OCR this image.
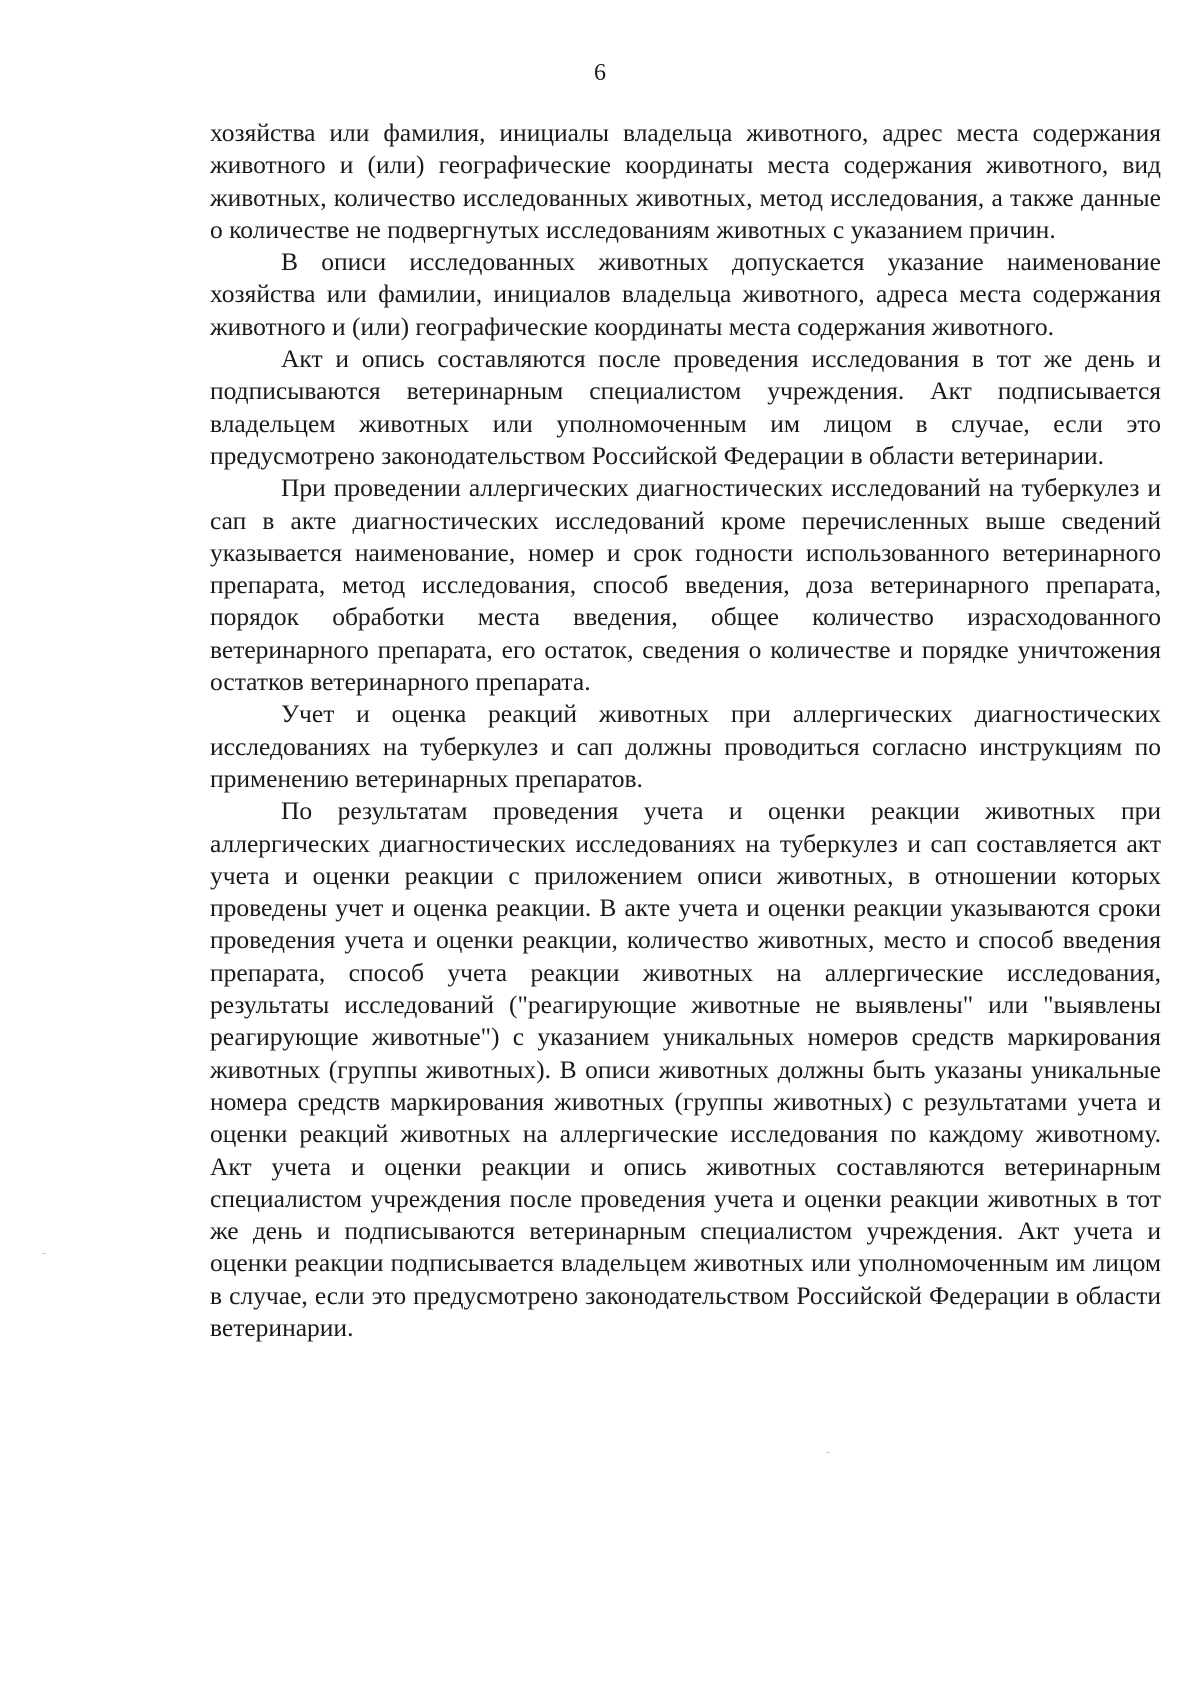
6

хозяйства или фамилия, инициалы владельца животного, адрес места содержания животного и (или) географические координаты места содержания животного, вид животных, количество исследованных животных, метод исследования, а также данные о количестве не подвергнутых исследованиям животных с указанием причин.

В описи исследованных животных допускается указание наименование хозяйства или фамилии, инициалов владельца животного, адреса места содержания животного и (или) географические координаты места содержания животного.

Акт и опись составляются после проведения исследования в тот же день и подписываются ветеринарным специалистом учреждения. Акт подписывается владельцем животных или уполномоченным им лицом в случае, если это предусмотрено законодательством Российской Федерации в области ветеринарии.

При проведении аллергических диагностических исследований на туберкулез и сап в акте диагностических исследований кроме перечисленных выше сведений указывается наименование, номер и срок годности использованного ветеринарного препарата, метод исследования, способ введения, доза ветеринарного препарата, порядок обработки места введения, общее количество израсходованного ветеринарного препарата, его остаток, сведения о количестве и порядке уничтожения остатков ветеринарного препарата.

Учет и оценка реакций животных при аллергических диагностических исследованиях на туберкулез и сап должны проводиться согласно инструкциям по применению ветеринарных препаратов.

По результатам проведения учета и оценки реакции животных при аллергических диагностических исследованиях на туберкулез и сап составляется акт учета и оценки реакции с приложением описи животных, в отношении которых проведены учет и оценка реакции. В акте учета и оценки реакции указываются сроки проведения учета и оценки реакции, количество животных, место и способ введения препарата, способ учета реакции животных на аллергические исследования, результаты исследований ("реагирующие животные не выявлены" или "выявлены реагирующие животные") с указанием уникальных номеров средств маркирования животных (группы животных). В описи животных должны быть указаны уникальные номера средств маркирования животных (группы животных) с результатами учета и оценки реакций животных на аллергические исследования по каждому животному. Акт учета и оценки реакции и опись животных составляются ветеринарным специалистом учреждения после проведения учета и оценки реакции животных в тот же день и подписываются ветеринарным специалистом учреждения. Акт учета и оценки реакции подписывается владельцем животных или уполномоченным им лицом в случае, если это предусмотрено законодательством Российской Федерации в области ветеринарии.
